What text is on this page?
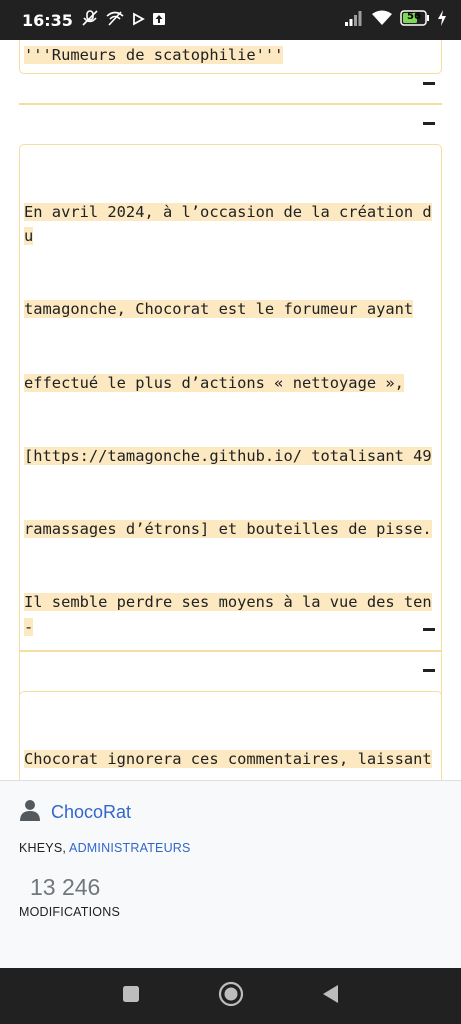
16:35	56
'''Rumeurs de scatophilie'''

En avril 2024, à l’occasion de la création du

tamagonche, Chocorat est le forumeur ayant

effectué le plus d’actions « nettoyage »,

[https://tamagonche.github.io/ totalisant 49

ramassages d’étrons] et bouteilles de pisse.

Il semble perdre ses moyens à la vue des ten-

Chocorat ignorera ces commentaires, laissant

ChocoRat
KHEYS, ADMINISTRATEURS
13 246
MODIFICATIONS
